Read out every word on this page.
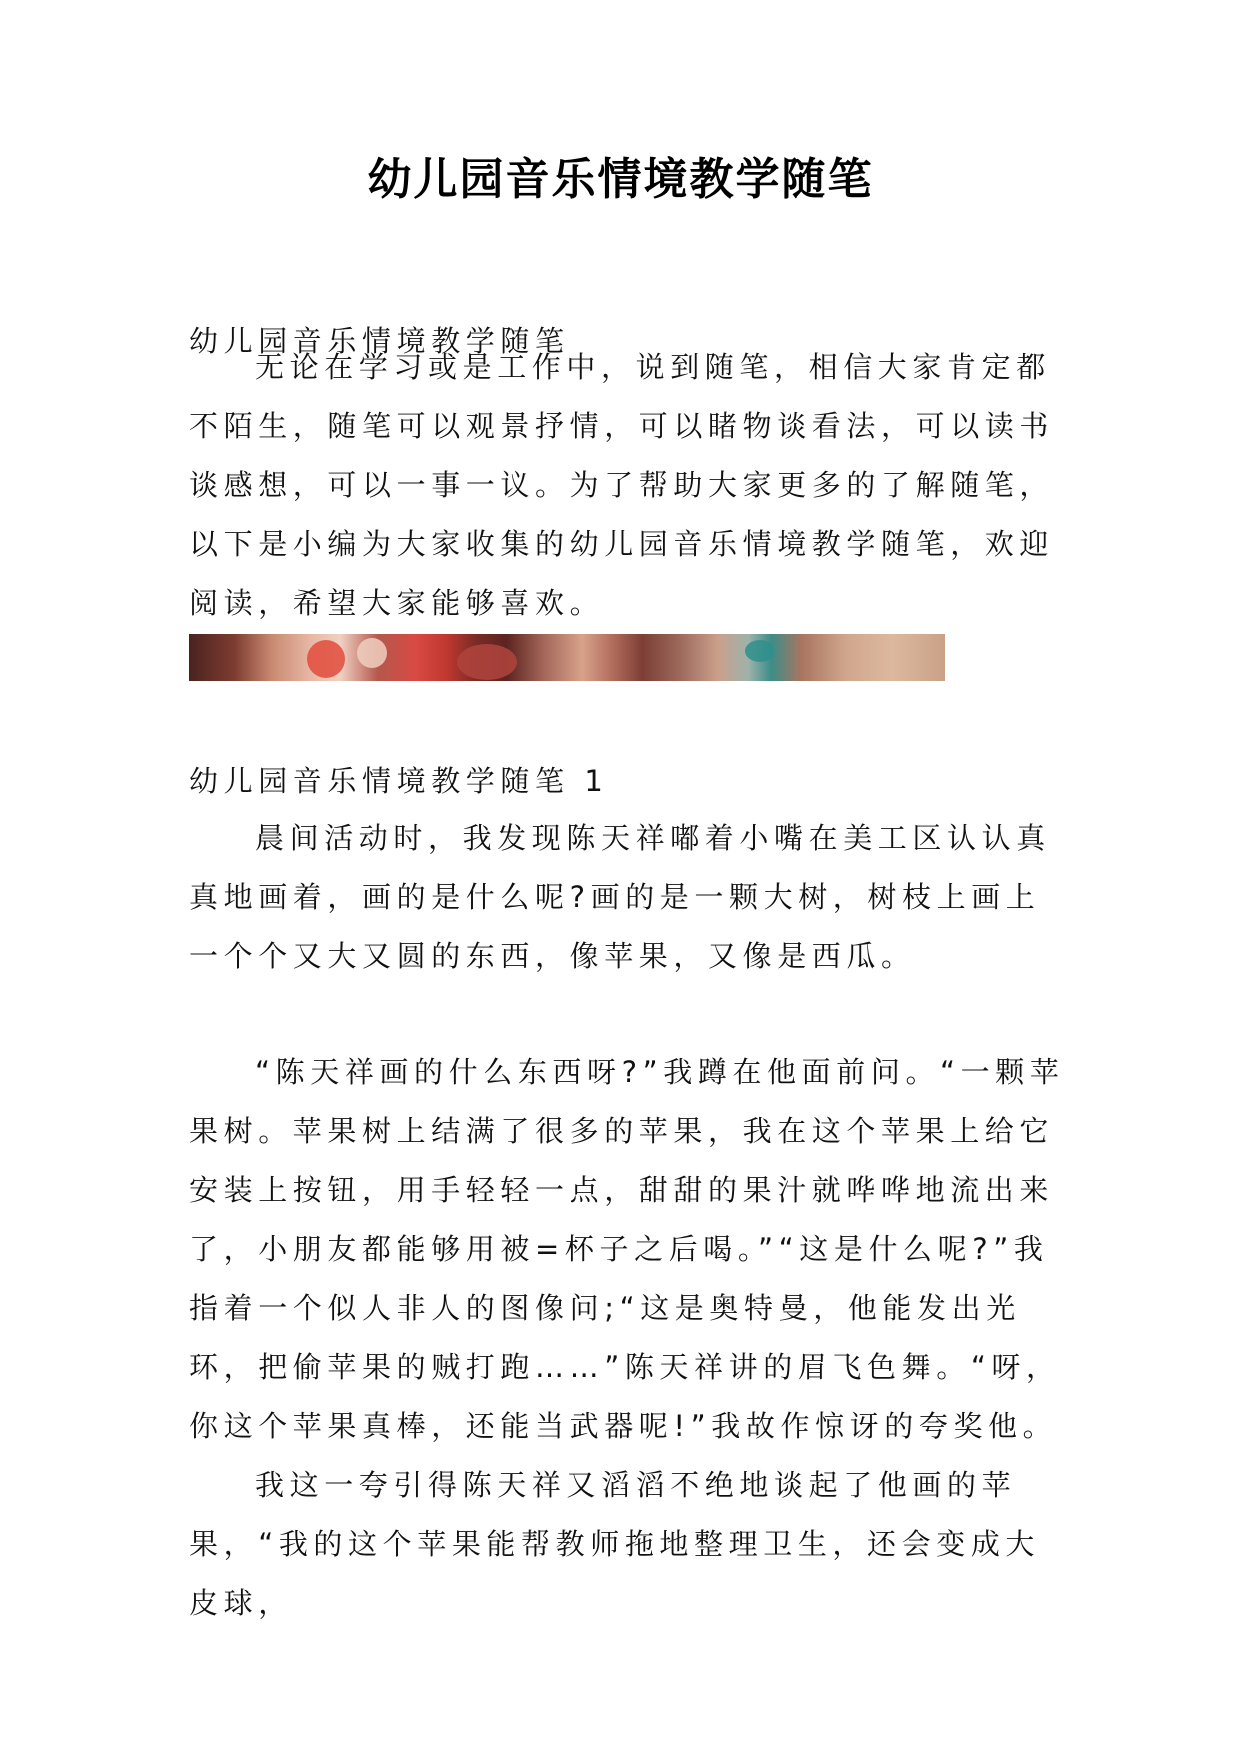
幼儿园音乐情境教学随笔
幼儿园音乐情境教学随笔

无论在学习或是工作中，说到随笔，相信大家肯定都不陌生，随笔可以观景抒情，可以睹物谈看法，可以读书谈感想，可以一事一议。为了帮助大家更多的了解随笔，以下是小编为大家收集的幼儿园音乐情境教学随笔，欢迎阅读，希望大家能够喜欢。

幼儿园音乐情境教学随笔 1

晨间活动时，我发现陈天祥嘟着小嘴在美工区认认真真地画着，画的是什么呢?画的是一颗大树，树枝上画上一个个又大又圆的东西，像苹果，又像是西瓜。

“陈天祥画的什么东西呀?”我蹲在他面前问。“一颗苹果树。苹果树上结满了很多的苹果，我在这个苹果上给它安装上按钮，用手轻轻一点，甜甜的果汁就哗哗地流出来了，小朋友都能够用被=杯子之后喝。”“这是什么呢?”我指着一个似人非人的图像问;“这是奥特曼，他能发出光环，把偷苹果的贼打跑……”陈天祥讲的眉飞色舞。“呀，你这个苹果真棒，还能当武器呢!”我故作惊讶的夸奖他。

我这一夸引得陈天祥又滔滔不绝地谈起了他画的苹果，“我的这个苹果能帮教师拖地整理卫生，还会变成大皮球，
